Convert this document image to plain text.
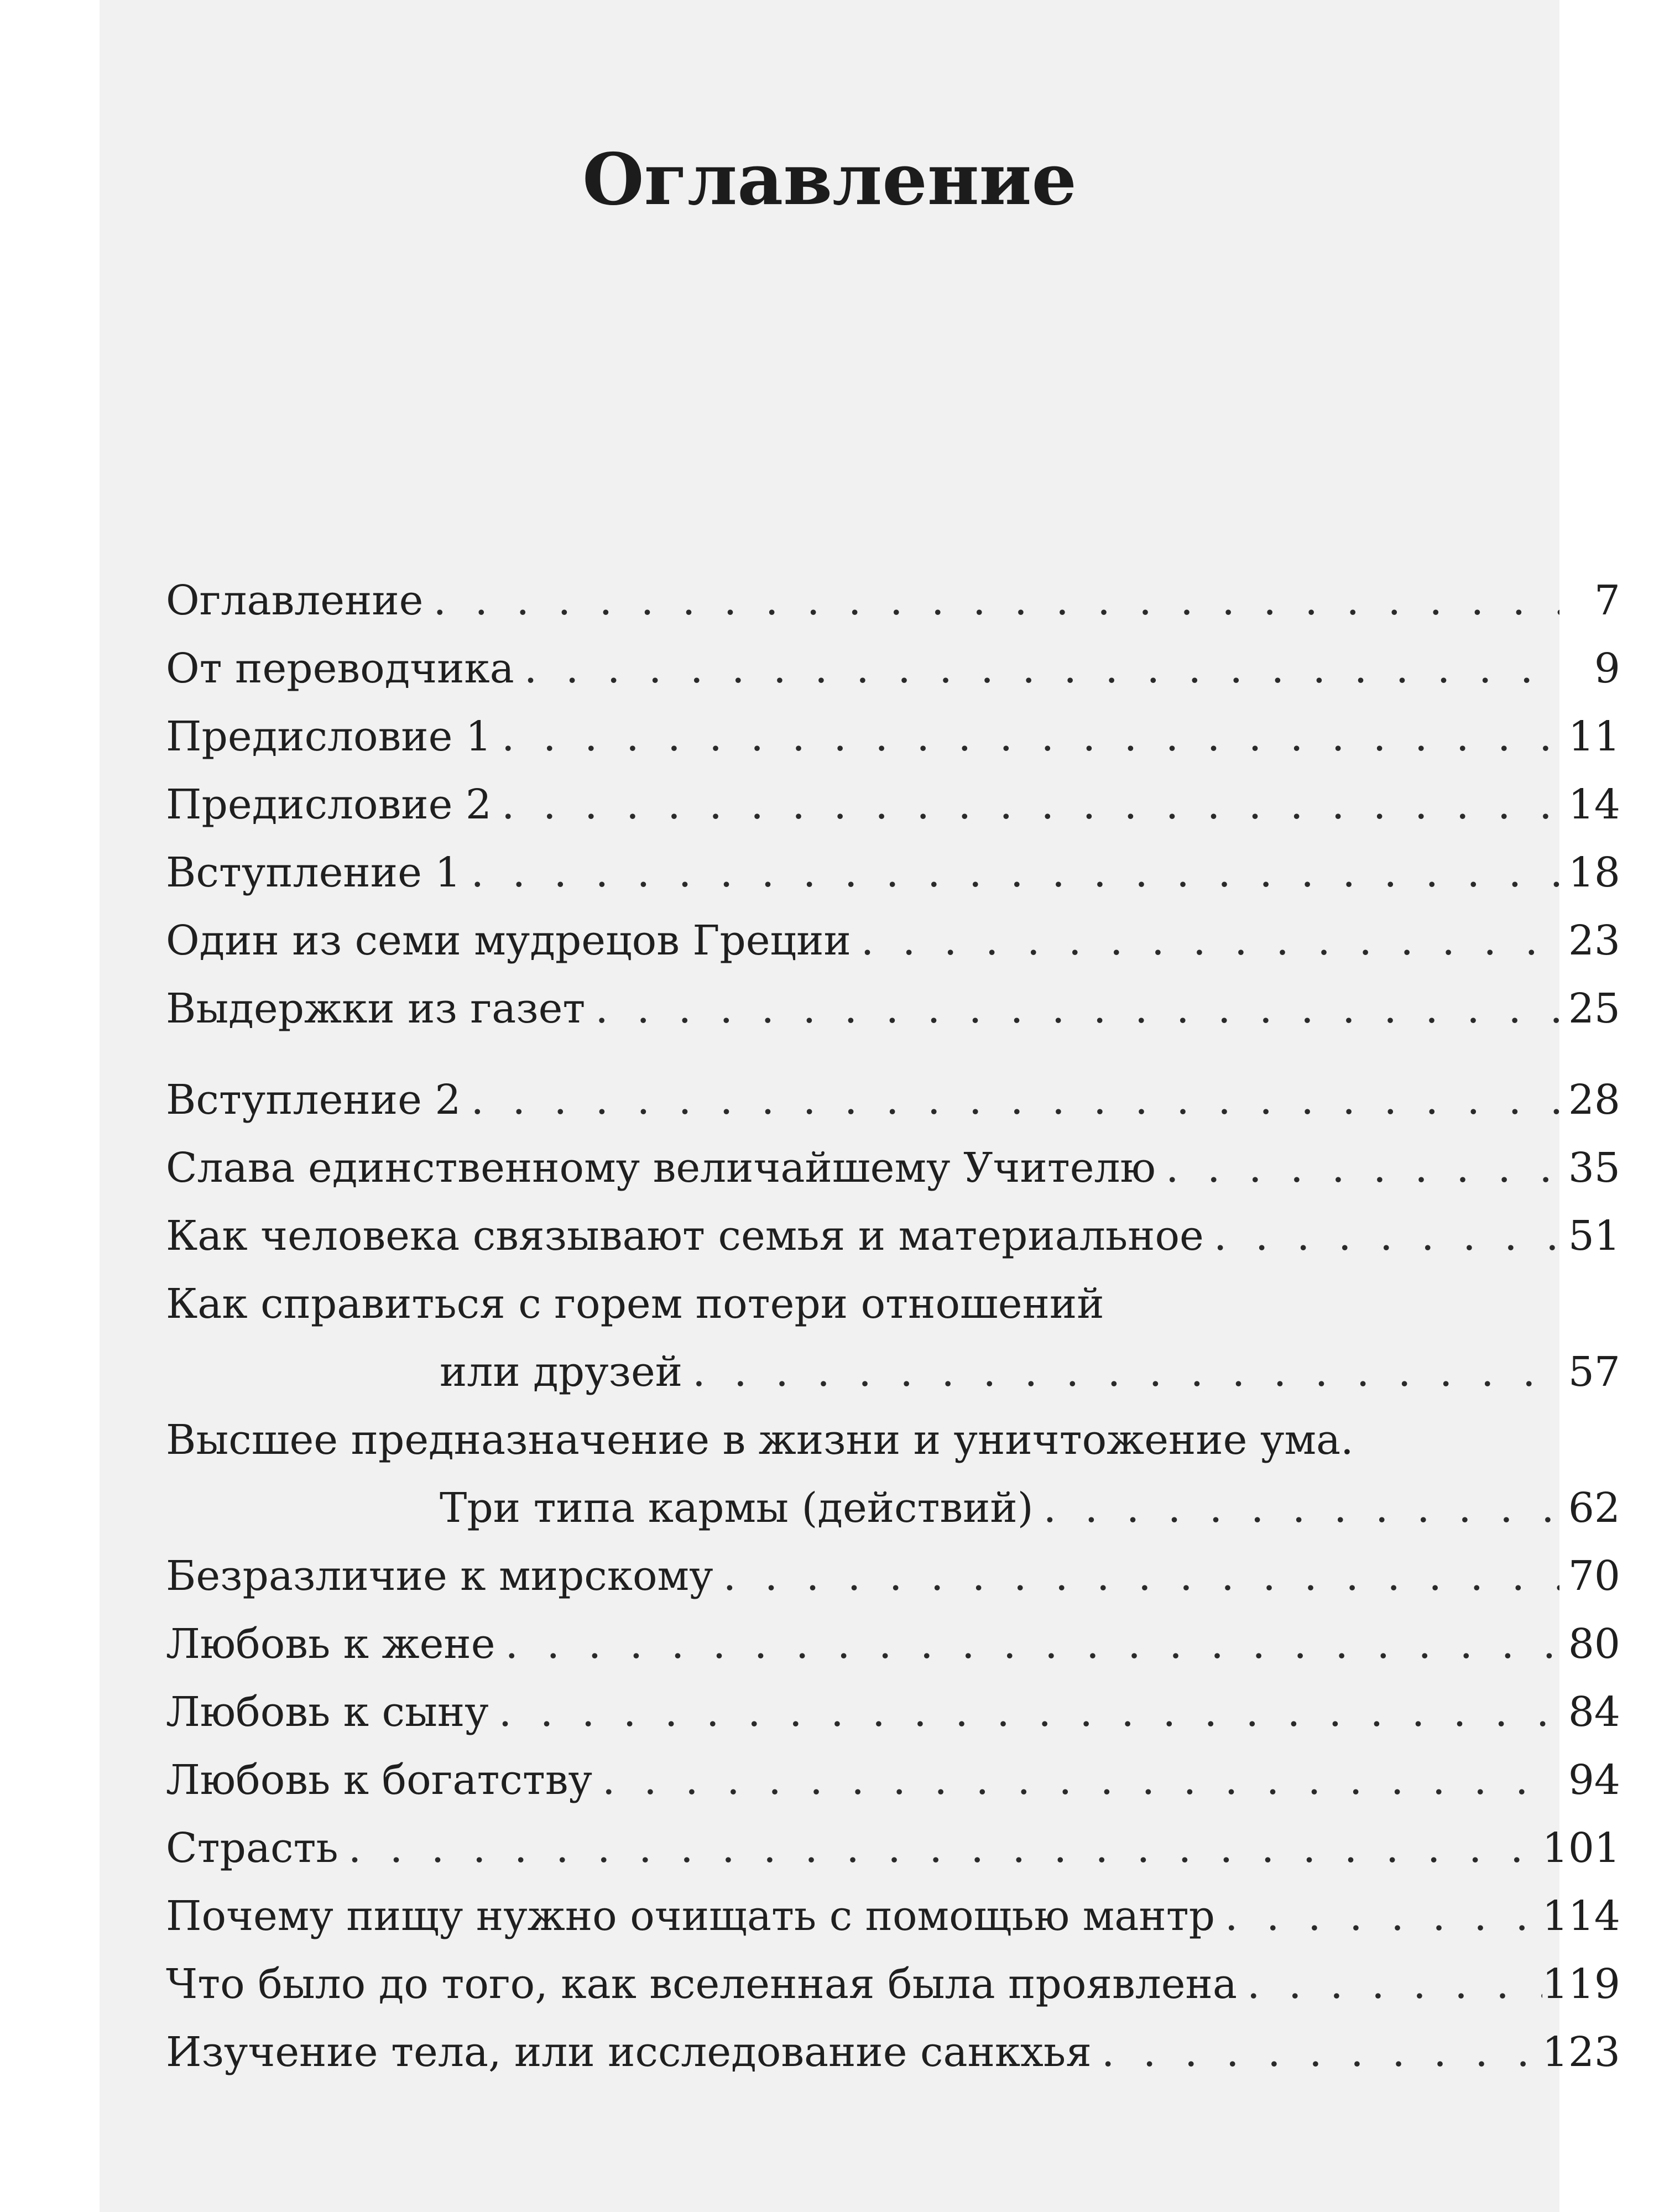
Оглавление
Оглавление . . .	7
От переводчика . . .	9
Предисловие 1 . . .	11
Предисловие 2 . . .	14
Вступление 1 . . .	18
Один из семи мудрецов Греции . . .	23
Выдержки из газет . . .	25
Вступление 2 . . .	28
Слава единственному величайшему Учителю . . .	35
Как человека связывают семья и материальное . . .	51
Как справиться с горем потери отношений
или друзей . . .	57
Высшее предназначение в жизни и уничтожение ума.
Три типа кармы (действий) . . .	62
Безразличие к мирскому . . .	70
Любовь к жене . . .	80
Любовь к сыну . . .	84
Любовь к богатству . . .	94
Страсть . . .	101
Почему пищу нужно очищать с помощью мантр . . .	114
Что было до того, как вселенная была проявлена . . .	119
Изучение тела, или исследование санкхья . . .	123
